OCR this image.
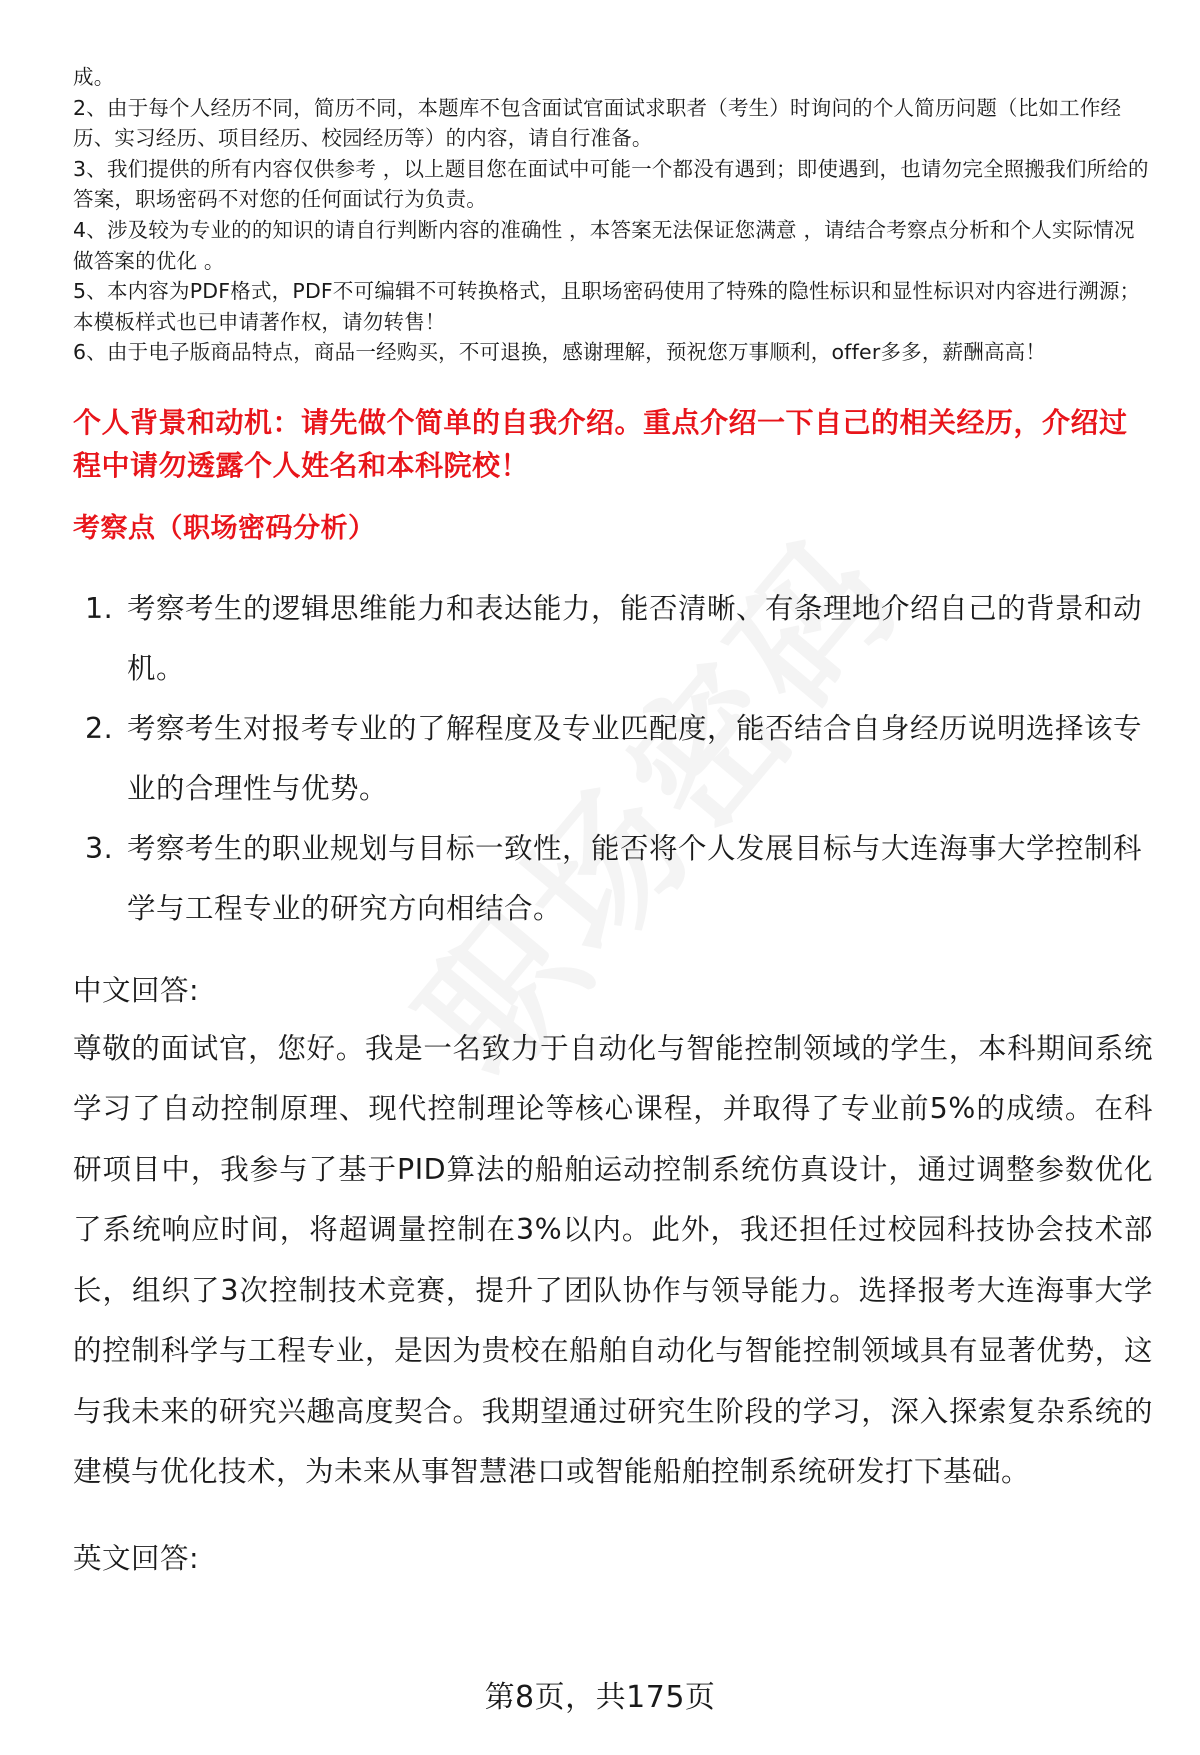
成。
2、由于每个人经历不同，简历不同，本题库不包含面试官面试求职者（考生）时询问的个人简历问题（比如工作经历、实习经历、项目经历、校园经历等）的内容，请自行准备。
3、我们提供的所有内容仅供参考 ，以上题目您在面试中可能一个都没有遇到；即使遇到，也请勿完全照搬我们所给的答案，职场密码不对您的任何面试行为负责。
4、涉及较为专业的的知识的请自行判断内容的准确性 ，本答案无法保证您满意 ，请结合考察点分析和个人实际情况做答案的优化 。
5、本内容为PDF格式，PDF不可编辑不可转换格式，且职场密码使用了特殊的隐性标识和显性标识对内容进行溯源；本模板样式也已申请著作权，请勿转售！
6、由于电子版商品特点，商品一经购买，不可退换，感谢理解，预祝您万事顺利，offer多多，薪酬高高！
个人背景和动机：请先做个简单的自我介绍。重点介绍一下自己的相关经历，介绍过程中请勿透露个人姓名和本科院校！
考察点（职场密码分析）
1. 考察考生的逻辑思维能力和表达能力，能否清晰、有条理地介绍自己的背景和动机。
2. 考察考生对报考专业的了解程度及专业匹配度，能否结合自身经历说明选择该专业的合理性与优势。
3. 考察考生的职业规划与目标一致性，能否将个人发展目标与大连海事大学控制科学与工程专业的研究方向相结合。
中文回答:
尊敬的面试官，您好。我是一名致力于自动化与智能控制领域的学生，本科期间系统学习了自动控制原理、现代控制理论等核心课程，并取得了专业前5%的成绩。在科研项目中，我参与了基于PID算法的船舶运动控制系统仿真设计，通过调整参数优化了系统响应时间，将超调量控制在3%以内。此外，我还担任过校园科技协会技术部长，组织了3次控制技术竞赛，提升了团队协作与领导能力。选择报考大连海事大学的控制科学与工程专业，是因为贵校在船舶自动化与智能控制领域具有显著优势，这与我未来的研究兴趣高度契合。我期望通过研究生阶段的学习，深入探索复杂系统的建模与优化技术，为未来从事智慧港口或智能船舶控制系统研发打下基础。
英文回答:
第8页，共175页
